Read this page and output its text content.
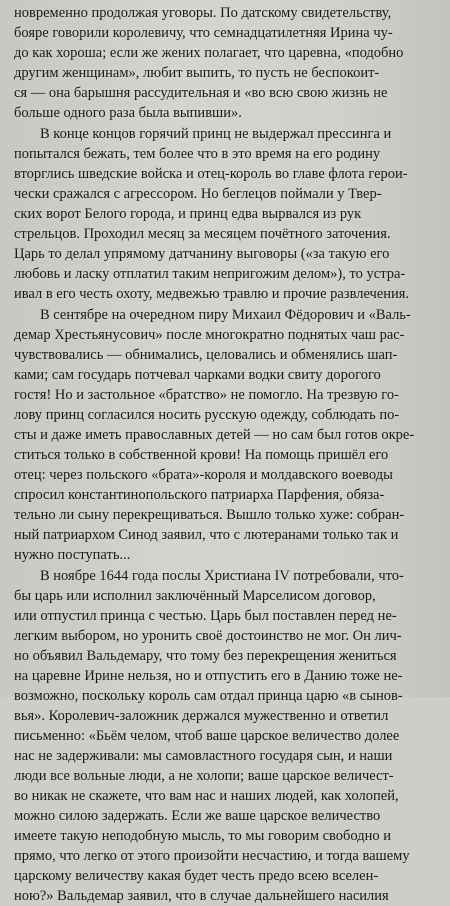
новременно продолжая уговоры. По датскому свидетельству,

бояре говорили королевичу, что семнадцатилетняя Ирина чу-

до как хороша; если же жених полагает, что царевна, «подобно

другим женщинам», любит выпить, то пусть не беспокоит-

ся — она барышня рассудительная и «во всю свою жизнь не

больше одного раза была выпивши».

В конце концов горячий принц не выдержал прессинга и

попытался бежать, тем более что в это время на его родину

вторглись шведские войска и отец-король во главе флота герои-

чески сражался с агрессором. Но беглецов поймали у Твер-

ских ворот Белого города, и принц едва вырвался из рук

стрельцов. Проходил месяц за месяцем почётного заточения.

Царь то делал упрямому датчанину выговоры («за такую его

любовь и ласку отплатил таким непригожим делом»), то устра-

ивал в его честь охоту, медвежью травлю и прочие развлечения.

В сентябре на очередном пиру Михаил Фёдорович и «Валь-

демар Хрестьянусович» после многократно поднятых чаш рас-

чувствовались — обнимались, целовались и обменялись шап-

ками; сам государь потчевал чарками водки свиту дорогого

гостя! Но и застольное «братство» не помогло. На трезвую го-

лову принц согласился носить русскую одежду, соблюдать по-

сты и даже иметь православных детей — но сам был готов окре-

ститься только в собственной крови! На помощь пришёл его

отец: через польского «брата»-короля и молдавского воеводы

спросил константинопольского патриарха Парфения, обяза-

тельно ли сыну перекрещиваться. Вышло только хуже: собран-

ный патриархом Синод заявил, что с лютеранами только так и

нужно поступать...

В ноябре 1644 года послы Христиана IV потребовали, что-

бы царь или исполнил заключённый Марселисом договор,

или отпустил принца с честью. Царь был поставлен перед не-

легким выбором, но уронить своё достоинство не мог. Он лич-

но объявил Вальдемару, что тому без перекрещения жениться

на царевне Ирине нельзя, но и отпустить его в Данию тоже не-

возможно, поскольку король сам отдал принца царю «в сынов-

вья». Королевич-заложник держался мужественно и ответил

письменно: «Бьём челом, чтоб ваше царское величество долее

нас не задерживали: мы самовластного государя сын, и наши

люди все вольные люди, а не холопи; ваше царское величест-

во никак не скажете, что вам нас и наших людей, как холопей,

можно силою задержать. Если же ваше царское величество

имеете такую неподобную мысль, то мы говорим свободно и

прямо, что легко от этого произойти несчастию, и тогда вашему

царскому величеству какая будет честь предо всею вселен-

ною?» Вальдемар заявил, что в случае дальнейшего насилия
